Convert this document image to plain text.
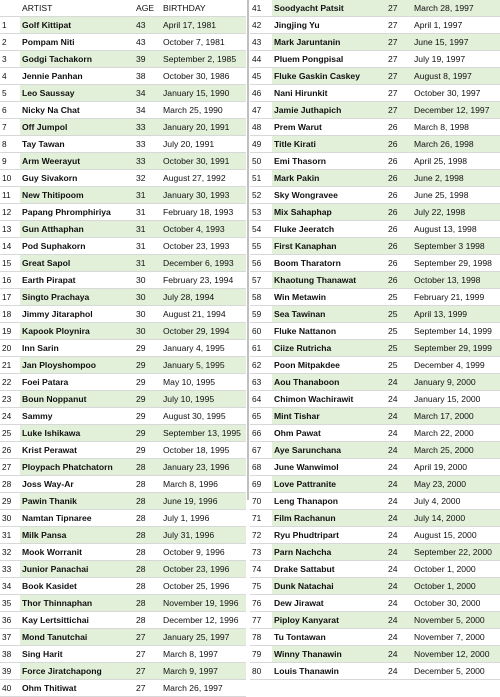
	ARTIST	AGE	BIRTHDAY
1	Golf Kittipat	43	April 17, 1981
2	Pompam Niti	43	October 7, 1981
3	Godgi Tachakorn	39	September 2, 1985
4	Jennie Panhan	38	October 30, 1986
5	Leo Saussay	34	January 15, 1990
6	Nicky Na Chat	34	March 25, 1990
7	Off Jumpol	33	January 20, 1991
8	Tay Tawan	33	July 20, 1991
9	Arm Weerayut	33	October 30, 1991
10	Guy Sivakorn	32	August 27, 1992
11	New Thitipoom	31	January 30, 1993
12	Papang Phromphiriya	31	February 18, 1993
13	Gun Atthaphan	31	October 4, 1993
14	Pod Suphakorn	31	October 23, 1993
15	Great Sapol	31	December 6, 1993
16	Earth Pirapat	30	February 23, 1994
17	Singto Prachaya	30	July 28, 1994
18	Jimmy Jitaraphol	30	August 21, 1994
19	Kapook Ploynira	30	October 29, 1994
20	Inn Sarin	29	January 4, 1995
21	Jan Ployshompoo	29	January 5, 1995
22	Foei Patara	29	May 10, 1995
23	Boun Noppanut	29	July 10, 1995
24	Sammy	29	August 30, 1995
25	Luke Ishikawa	29	September 13, 1995
26	Krist Perawat	29	October 18, 1995
27	Ploypach Phatchatorn	28	January 23, 1996
28	Joss Way-Ar	28	March 8, 1996
29	Pawin Thanik	28	June 19, 1996
30	Namtan Tipnaree	28	July 1, 1996
31	Milk Pansa	28	July 31, 1996
32	Mook Worranit	28	October 9, 1996
33	Junior Panachai	28	October 23, 1996
34	Book Kasidet	28	October 25, 1996
35	Thor Thinnaphan	28	November 19, 1996
36	Kay Lertsittichai	28	December 12, 1996
37	Mond Tanutchai	27	January 25, 1997
38	Sing Harit	27	March 8, 1997
39	Force Jiratchapong	27	March 9, 1997
40	Ohm Thitiwat	27	March 26, 1997
41	Soodyacht Patsit	27	March 28, 1997
42	Jingjing Yu	27	April 1, 1997
43	Mark Jaruntanin	27	June 15, 1997
44	Pluem Pongpisal	27	July 19, 1997
45	Fluke Gaskin Caskey	27	August 8, 1997
46	Nani Hirunkit	27	October 30, 1997
47	Jamie Juthapich	27	December 12, 1997
48	Prem Warut	26	March 8, 1998
49	Title Kirati	26	March 26, 1998
50	Emi Thasorn	26	April 25, 1998
51	Mark Pakin	26	June 2, 1998
52	Sky Wongravee	26	June 25, 1998
53	Mix Sahaphap	26	July 22, 1998
54	Fluke Jeeratch	26	August 13, 1998
55	First Kanaphan	26	September 3 1998
56	Boom Tharatorn	26	September 29, 1998
57	Khaotung Thanawat	26	October 13, 1998
58	Win Metawin	25	February 21, 1999
59	Sea Tawinan	25	April 13, 1999
60	Fluke Nattanon	25	September 14, 1999
61	Ciize Rutricha	25	September 29, 1999
62	Poon Mitpakdee	25	December 4, 1999
63	Aou Thanaboon	24	January 9, 2000
64	Chimon Wachirawit	24	January 15, 2000
65	Mint Tishar	24	March 17, 2000
66	Ohm Pawat	24	March 22, 2000
67	Aye Sarunchana	24	March 25, 2000
68	June Wanwimol	24	April 19, 2000
69	Love Pattranite	24	May 23, 2000
70	Leng Thanapon	24	July 4, 2000
71	Film Rachanun	24	July 14, 2000
72	Ryu Phudtripart	24	August 15, 2000
73	Parn Nachcha	24	September 22, 2000
74	Drake Sattabut	24	October 1, 2000
75	Dunk Natachai	24	October 1, 2000
76	Dew Jirawat	24	October 30, 2000
77	Piploy Kanyarat	24	November 5, 2000
78	Tu Tontawan	24	November 7, 2000
79	Winny Thanawin	24	November 12, 2000
80	Louis Thanawin	24	December 5, 2000
